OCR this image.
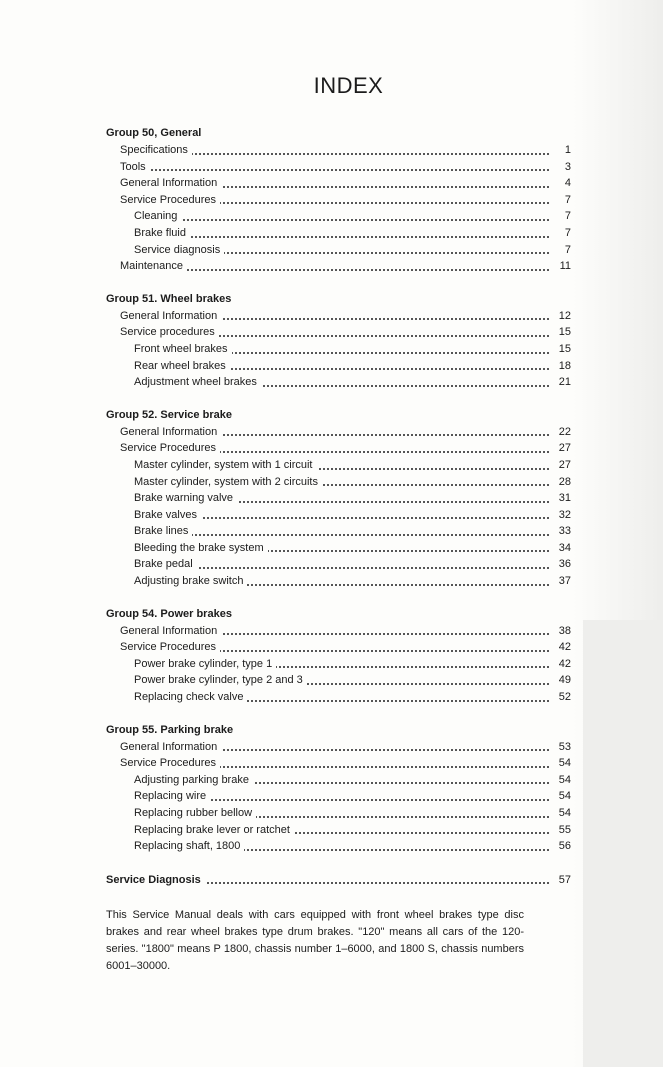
INDEX
Group 50, General
Specifications	1
Tools	3
General Information	4
Service Procedures	7
Cleaning	7
Brake fluid	7
Service diagnosis	7
Maintenance	11
Group 51. Wheel brakes
General Information	12
Service procedures	15
Front wheel brakes	15
Rear wheel brakes	18
Adjustment wheel brakes	21
Group 52. Service brake
General Information	22
Service Procedures	27
Master cylinder, system with 1 circuit	27
Master cylinder, system with 2 circuits	28
Brake warning valve	31
Brake valves	32
Brake lines	33
Bleeding the brake system	34
Brake pedal	36
Adjusting brake switch	37
Group 54. Power brakes
General Information	38
Service Procedures	42
Power brake cylinder, type 1	42
Power brake cylinder, type 2 and 3	49
Replacing check valve	52
Group 55. Parking brake
General Information	53
Service Procedures	54
Adjusting parking brake	54
Replacing wire	54
Replacing rubber bellow	54
Replacing brake lever or ratchet	55
Replacing shaft, 1800	56
Service Diagnosis	57
This Service Manual deals with cars equipped with front wheel brakes type disc brakes and rear wheel brakes type drum brakes. "120" means all cars of the 120-series. "1800" means P 1800, chassis number 1–6000, and 1800 S, chassis numbers 6001–30000.
